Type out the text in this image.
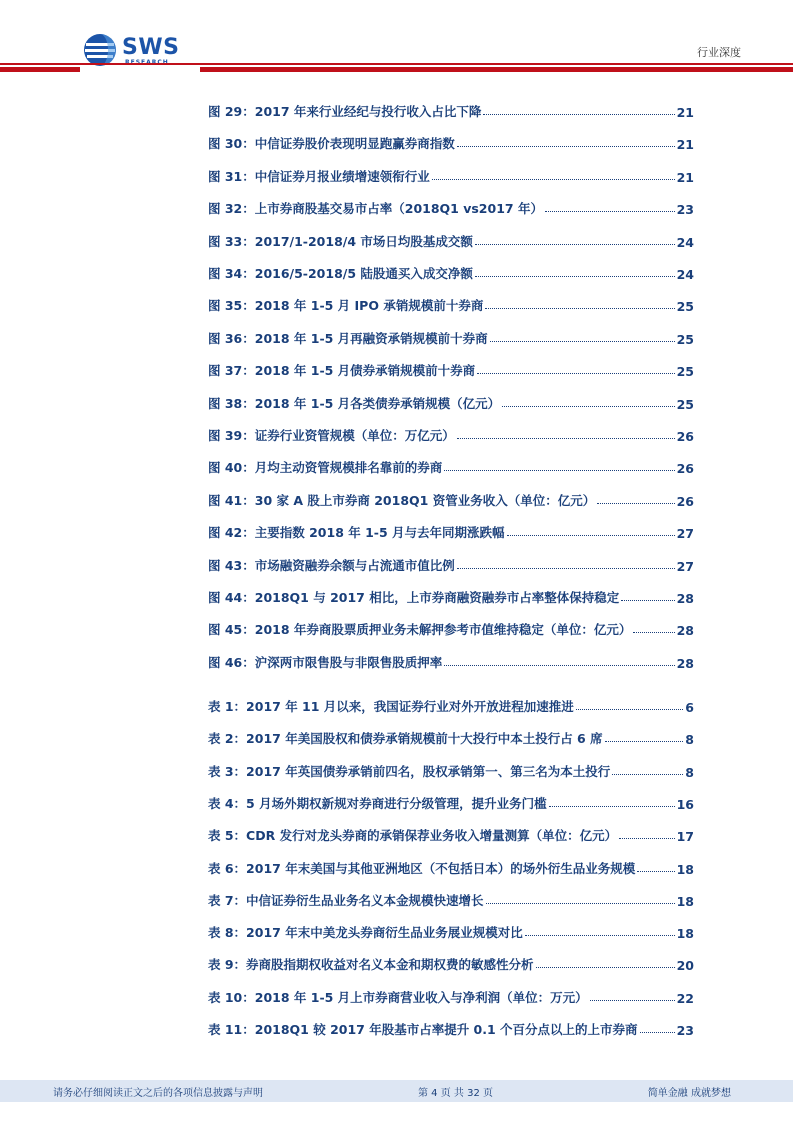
SWS	行业深度
图 29：2017 年来行业经纪与投行收入占比下降	21
图 30：中信证券股价表现明显跑赢券商指数	21
图 31：中信证券月报业绩增速领衔行业	21
图 32：上市券商股基交易市占率（2018Q1 vs2017 年）	23
图 33：2017/1-2018/4 市场日均股基成交额	24
图 34：2016/5-2018/5 陆股通买入成交净额	24
图 35：2018 年 1-5 月 IPO 承销规模前十券商	25
图 36：2018 年 1-5 月再融资承销规模前十券商	25
图 37：2018 年 1-5 月债券承销规模前十券商	25
图 38：2018 年 1-5 月各类债券承销规模（亿元）	25
图 39：证券行业资管规模（单位：万亿元）	26
图 40：月均主动资管规模排名靠前的券商	26
图 41：30 家 A 股上市券商 2018Q1 资管业务收入（单位：亿元）	26
图 42：主要指数 2018 年 1-5 月与去年同期涨跌幅	27
图 43：市场融资融券余额与占流通市值比例	27
图 44：2018Q1 与 2017 相比，上市券商融资融券市占率整体保持稳定	28
图 45：2018 年券商股票质押业务未解押参考市值维持稳定（单位：亿元）	28
图 46：沪深两市限售股与非限售股质押率	28
表 1：2017 年 11 月以来，我国证券行业对外开放进程加速推进	6
表 2：2017 年美国股权和债券承销规模前十大投行中本土投行占 6 席	8
表 3：2017 年英国债券承销前四名，股权承销第一、第三名为本土投行	8
表 4：5 月场外期权新规对券商进行分级管理，提升业务门槛	16
表 5：CDR 发行对龙头券商的承销保荐业务收入增量测算（单位：亿元）	17
表 6：2017 年末美国与其他亚洲地区（不包括日本）的场外衍生品业务规模	18
表 7：中信证券衍生品业务名义本金规模快速增长	18
表 8：2017 年末中美龙头券商衍生品业务展业规模对比	18
表 9：券商股指期权收益对名义本金和期权费的敏感性分析	20
表 10：2018 年 1-5 月上市券商营业收入与净利润（单位：万元）	22
表 11：2018Q1 较 2017 年股基市占率提升 0.1 个百分点以上的上市券商	23
请务必仔细阅读正文之后的各项信息披露与声明	第 4 页 共 32 页	简单金融 成就梦想
